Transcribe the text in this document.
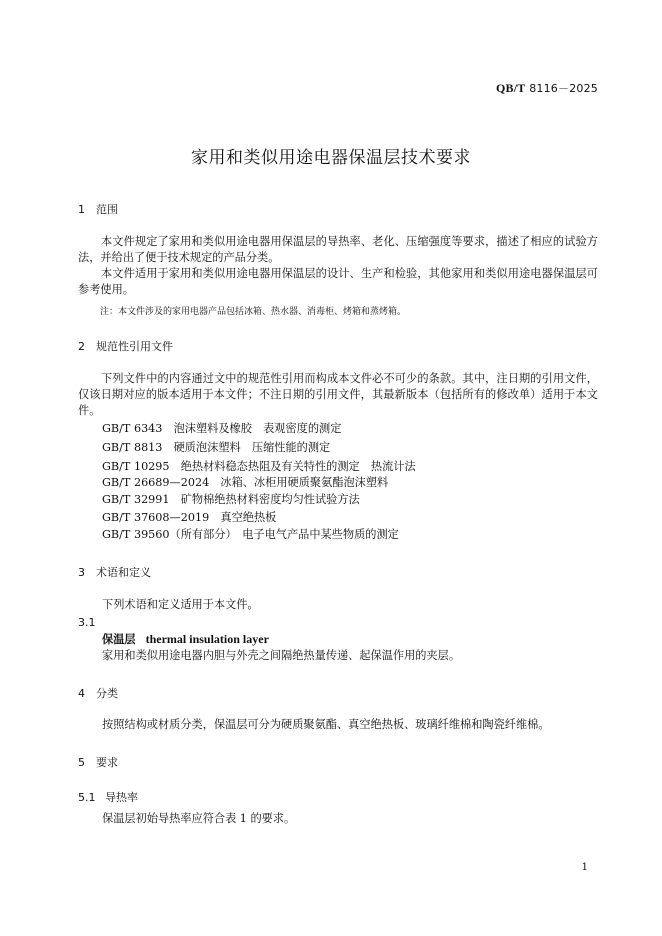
QB/T 8116－2025
家用和类似用途电器保温层技术要求
1 范围
本文件规定了家用和类似用途电器用保温层的导热率、老化、压缩强度等要求，描述了相应的试验方法，并给出了便于技术规定的产品分类。
本文件适用于家用和类似用途电器用保温层的设计、生产和检验，其他家用和类似用途电器保温层可参考使用。
注：本文件涉及的家用电器产品包括冰箱、热水器、消毒柜、烤箱和蒸烤箱。
2 规范性引用文件
下列文件中的内容通过文中的规范性引用而构成本文件必不可少的条款。其中，注日期的引用文件，仅该日期对应的版本适用于本文件；不注日期的引用文件，其最新版本（包括所有的修改单）适用于本文件。
GB/T 6343　泡沫塑料及橡胶　表观密度的测定
GB/T 8813　硬质泡沫塑料　压缩性能的测定
GB/T 10295　绝热材料稳态热阻及有关特性的测定　热流计法
GB/T 26689—2024　冰箱、冰柜用硬质聚氨酯泡沫塑料
GB/T 32991　矿物棉绝热材料密度均匀性试验方法
GB/T 37608—2019　真空绝热板
GB/T 39560（所有部分）　电子电气产品中某些物质的测定
3 术语和定义
下列术语和定义适用于本文件。
3.1
保温层 thermal insulation layer
家用和类似用途电器内胆与外壳之间隔绝热量传递、起保温作用的夹层。
4 分类
按照结构或材质分类，保温层可分为硬质聚氨酯、真空绝热板、玻璃纤维棉和陶瓷纤维棉。
5 要求
5.1 导热率
保温层初始导热率应符合表 1 的要求。
1
